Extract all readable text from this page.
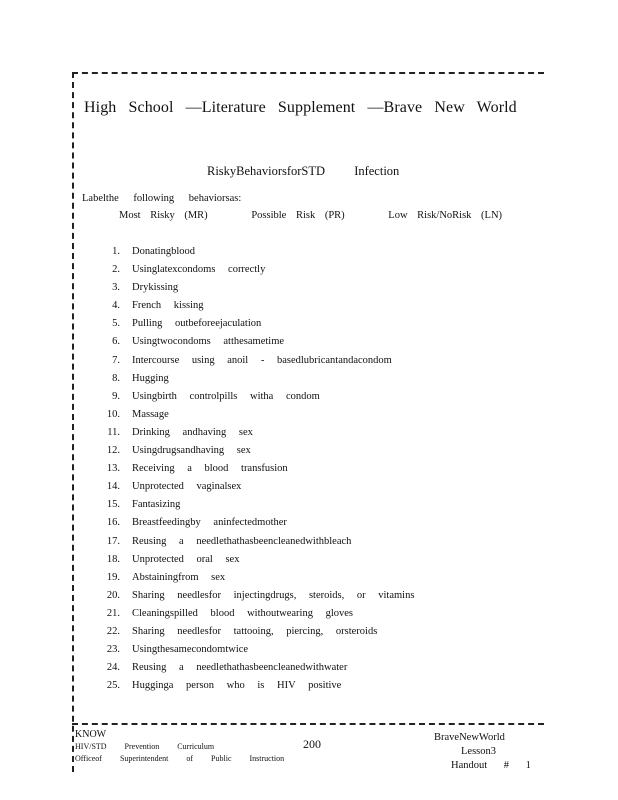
High School —Literature Supplement —Brave New World
RiskyBehaviorsforSTD Infection
Labelthe following behaviorsas:
Most Risky (MR)	Possible Risk (PR)	Low Risk/NoRisk (LN)
1. Donatingblood
2. Usinglatexcondoms correctly
3. Drykissing
4. French kissing
5. Pulling outbeforeejaculation
6. Usingtwocondoms atthesametime
7. Intercourse using anoil - basedlubricantandacondom
8. Hugging
9. Usingbirth controlpills witha condom
10. Massage
11. Drinking andhaving sex
12. Usingdrugsandhaving sex
13. Receiving a blood transfusion
14. Unprotected vaginalsex
15. Fantasizing
16. Breastfeedingby aninfectedmother
17. Reusing a needlethathasbeencleanedwithbleach
18. Unprotected oral sex
19. Abstainingfrom sex
20. Sharing needlesfor injectingdrugs, steroids, or vitamins
21. Cleaningspilled blood withoutwearing gloves
22. Sharing needlesfor tattooing, piercing, orsteroids
23. Usingthesamecondomtwice
24. Reusing a needlethathasbeencleanedwithwater
25. Hugginga person who is HIV positive
KNOW
HIV/STD Prevention Curriculum
Officeof Superintendent of Public Instruction
200	BraveNewWorld
Lesson3
Handout # 1
